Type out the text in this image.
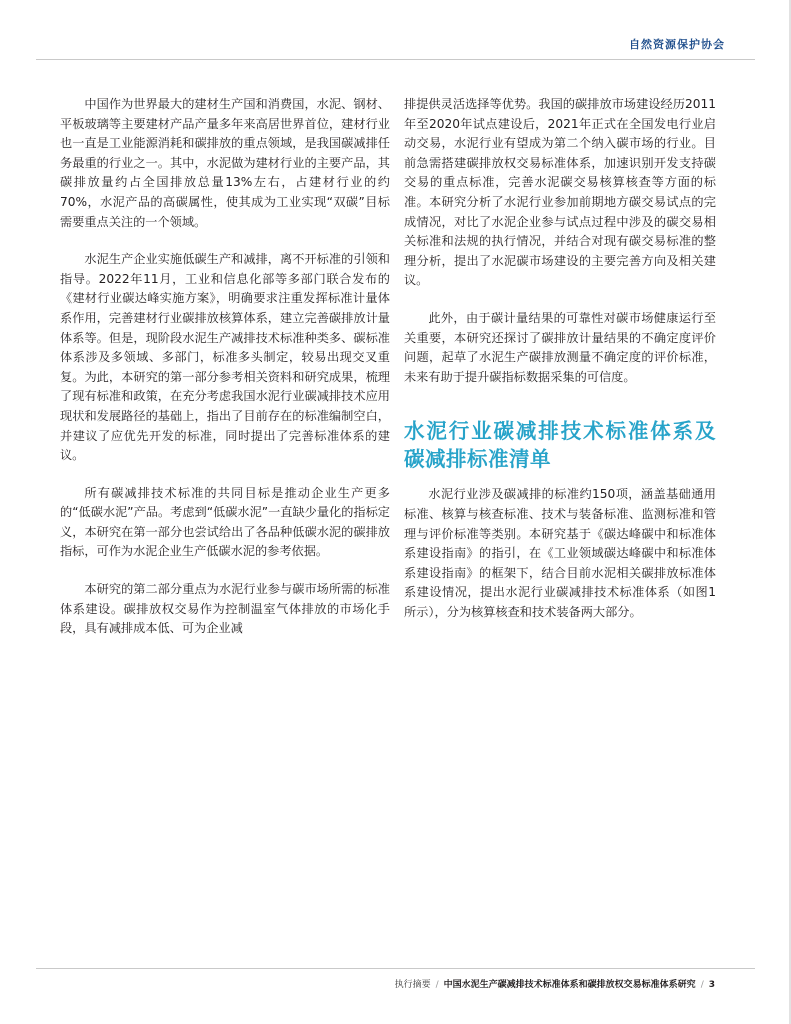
自然资源保护协会

中国作为世界最大的建材生产国和消费国，水泥、钢材、平板玻璃等主要建材产品产量多年来高居世界首位，建材行业也一直是工业能源消耗和碳排放的重点领域，是我国碳减排任务最重的行业之一。其中，水泥做为建材行业的主要产品，其碳排放量约占全国排放总量13%左右，占建材行业的约70%，水泥产品的高碳属性，使其成为工业实现“双碳”目标需要重点关注的一个领域。

水泥生产企业实施低碳生产和减排，离不开标准的引领和指导。2022年11月，工业和信息化部等多部门联合发布的《建材行业碳达峰实施方案》，明确要求注重发挥标准计量体系作用，完善建材行业碳排放核算体系，建立完善碳排放计量体系等。但是，现阶段水泥生产减排技术标准种类多、碳标准体系涉及多领域、多部门，标准多头制定，较易出现交叉重复。为此，本研究的第一部分参考相关资料和研究成果，梳理了现有标准和政策，在充分考虑我国水泥行业碳减排技术应用现状和发展路径的基础上，指出了目前存在的标准编制空白，并建议了应优先开发的标准，同时提出了完善标准体系的建议。

所有碳减排技术标准的共同目标是推动企业生产更多的“低碳水泥”产品。考虑到“低碳水泥”一直缺少量化的指标定义，本研究在第一部分也尝试给出了各品种低碳水泥的碳排放指标，可作为水泥企业生产低碳水泥的参考依据。

本研究的第二部分重点为水泥行业参与碳市场所需的标准体系建设。碳排放权交易作为控制温室气体排放的市场化手段，具有减排成本低、可为企业减

排提供灵活选择等优势。我国的碳排放市场建设经历2011年至2020年试点建设后，2021年正式在全国发电行业启动交易，水泥行业有望成为第二个纳入碳市场的行业。目前急需搭建碳排放权交易标准体系，加速识别开发支持碳交易的重点标准，完善水泥碳交易核算核查等方面的标准。本研究分析了水泥行业参加前期地方碳交易试点的完成情况，对比了水泥企业参与试点过程中涉及的碳交易相关标准和法规的执行情况，并结合对现有碳交易标准的整理分析，提出了水泥碳市场建设的主要完善方向及相关建议。

此外，由于碳计量结果的可靠性对碳市场健康运行至关重要，本研究还探讨了碳排放计量结果的不确定度评价问题，起草了水泥生产碳排放测量不确定度的评价标准，未来有助于提升碳指标数据采集的可信度。

水泥行业碳减排技术标准体系及碳减排标准清单

水泥行业涉及碳减排的标准约150项，涵盖基础通用标准、核算与核查标准、技术与装备标准、监测标准和管理与评价标准等类别。本研究基于《碳达峰碳中和标准体系建设指南》的指引，在《工业领域碳达峰碳中和标准体系建设指南》的框架下，结合目前水泥相关碳排放标准体系建设情况，提出水泥行业碳减排技术标准体系（如图1所示），分为核算核查和技术装备两大部分。

执行摘要 / 中国水泥生产碳减排技术标准体系和碳排放权交易标准体系研究 / 3
